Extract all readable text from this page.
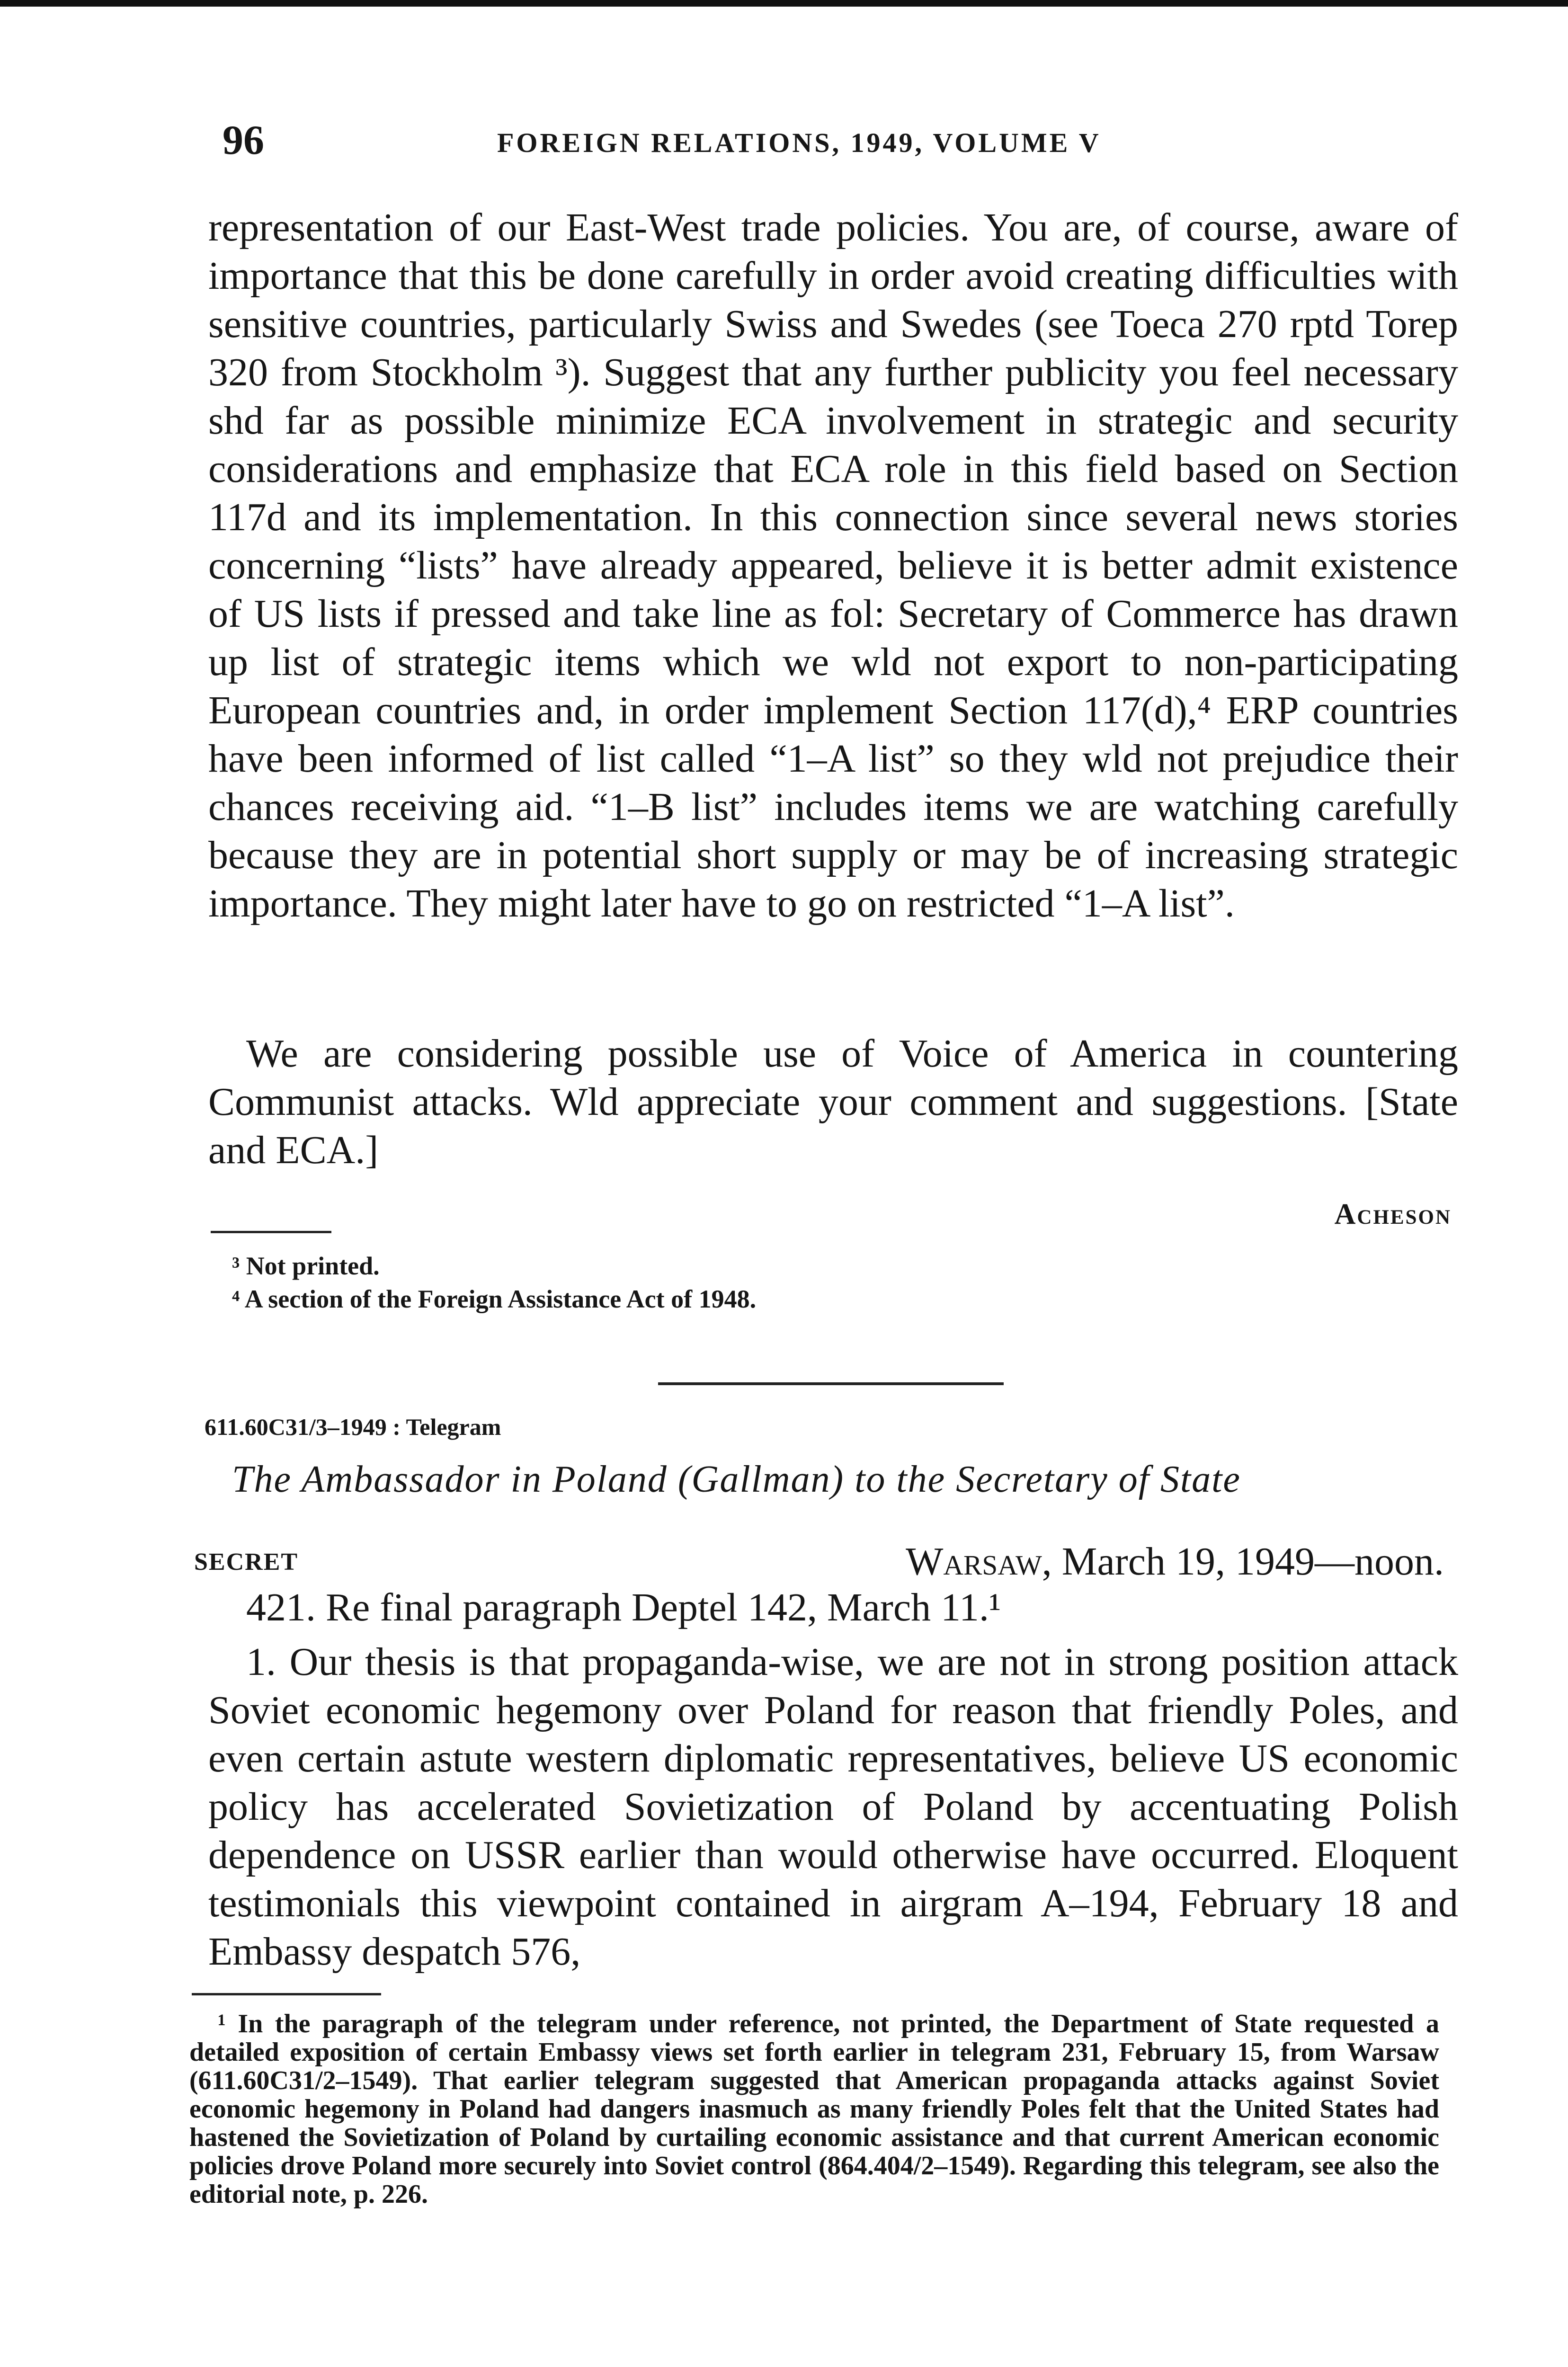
96	FOREIGN RELATIONS, 1949, VOLUME V

representation of our East-West trade policies. You are, of course, aware of importance that this be done carefully in order avoid creating difficulties with sensitive countries, particularly Swiss and Swedes (see Toeca 270 rptd Torep 320 from Stockholm ³). Suggest that any further publicity you feel necessary shd far as possible minimize ECA involvement in strategic and security considerations and emphasize that ECA role in this field based on Section 117d and its implementation. In this connection since several news stories concerning “lists” have already appeared, believe it is better admit existence of US lists if pressed and take line as fol: Secretary of Commerce has drawn up list of strategic items which we wld not export to non-participating European countries and, in order implement Section 117(d),⁴ ERP countries have been informed of list called “1–A list” so they wld not prejudice their chances receiving aid. “1–B list” includes items we are watching carefully because they are in potential short supply or may be of increasing strategic importance. They might later have to go on restricted “1–A list”.

We are considering possible use of Voice of America in countering Communist attacks. Wld appreciate your comment and suggestions. [State and ECA.]

Acheson

³ Not printed.

⁴ A section of the Foreign Assistance Act of 1948.

611.60C31/3–1949 : Telegram
The Ambassador in Poland (Gallman) to the Secretary of State
SECRET	Warsaw, March 19, 1949—noon.

421. Re final paragraph Deptel 142, March 11.¹

1. Our thesis is that propaganda-wise, we are not in strong position attack Soviet economic hegemony over Poland for reason that friendly Poles, and even certain astute western diplomatic representatives, believe US economic policy has accelerated Sovietization of Poland by accentuating Polish dependence on USSR earlier than would otherwise have occurred. Eloquent testimonials this viewpoint contained in airgram A–194, February 18 and Embassy despatch 576,

¹ In the paragraph of the telegram under reference, not printed, the Department of State requested a detailed exposition of certain Embassy views set forth earlier in telegram 231, February 15, from Warsaw (611.60C31/2–1549). That earlier telegram suggested that American propaganda attacks against Soviet economic hegemony in Poland had dangers inasmuch as many friendly Poles felt that the United States had hastened the Sovietization of Poland by curtailing economic assistance and that current American economic policies drove Poland more securely into Soviet control (864.404/2–1549). Regarding this telegram, see also the editorial note, p. 226.
